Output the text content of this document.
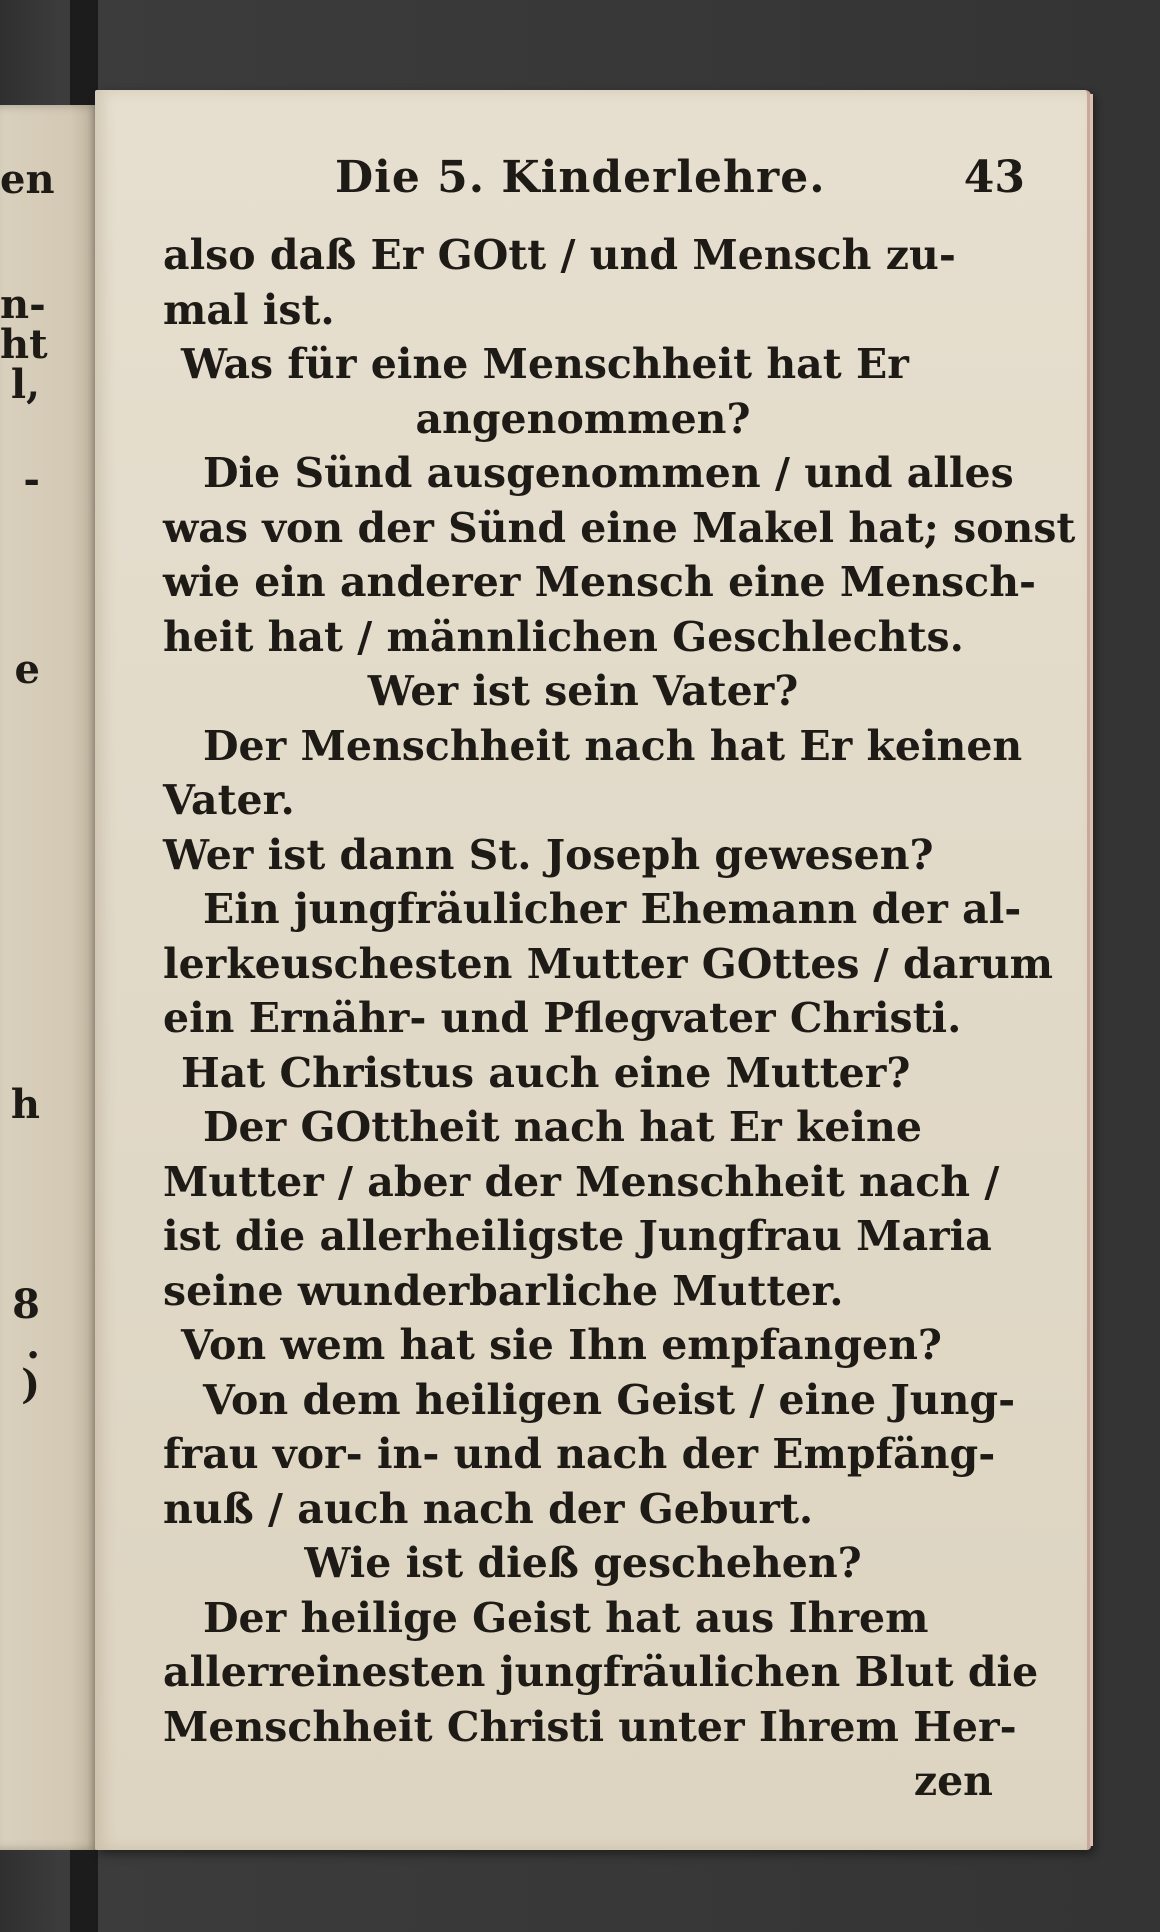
en
n-
ht
l,
-
e
h
8
.
)
Die 5. Kinderlehre.	43
also daß Er GOtt / und Mensch zu-
mal ist.
Was für eine Menschheit hat Er
angenommen?
Die Sünd ausgenommen / und alles
was von der Sünd eine Makel hat; sonst
wie ein anderer Mensch eine Mensch-
heit hat / männlichen Geschlechts.
Wer ist sein Vater?
Der Menschheit nach hat Er keinen
Vater.
Wer ist dann St. Joseph gewesen?
Ein jungfräulicher Ehemann der al-
lerkeuschesten Mutter GOttes / darum
ein Ernähr- und Pflegvater Christi.
Hat Christus auch eine Mutter?
Der GOttheit nach hat Er keine
Mutter / aber der Menschheit nach /
ist die allerheiligste Jungfrau Maria
seine wunderbarliche Mutter.
Von wem hat sie Ihn empfangen?
Von dem heiligen Geist / eine Jung-
frau vor- in- und nach der Empfäng-
nuß / auch nach der Geburt.
Wie ist dieß geschehen?
Der heilige Geist hat aus Ihrem
allerreinesten jungfräulichen Blut die
Menschheit Christi unter Ihrem Her-
zen
